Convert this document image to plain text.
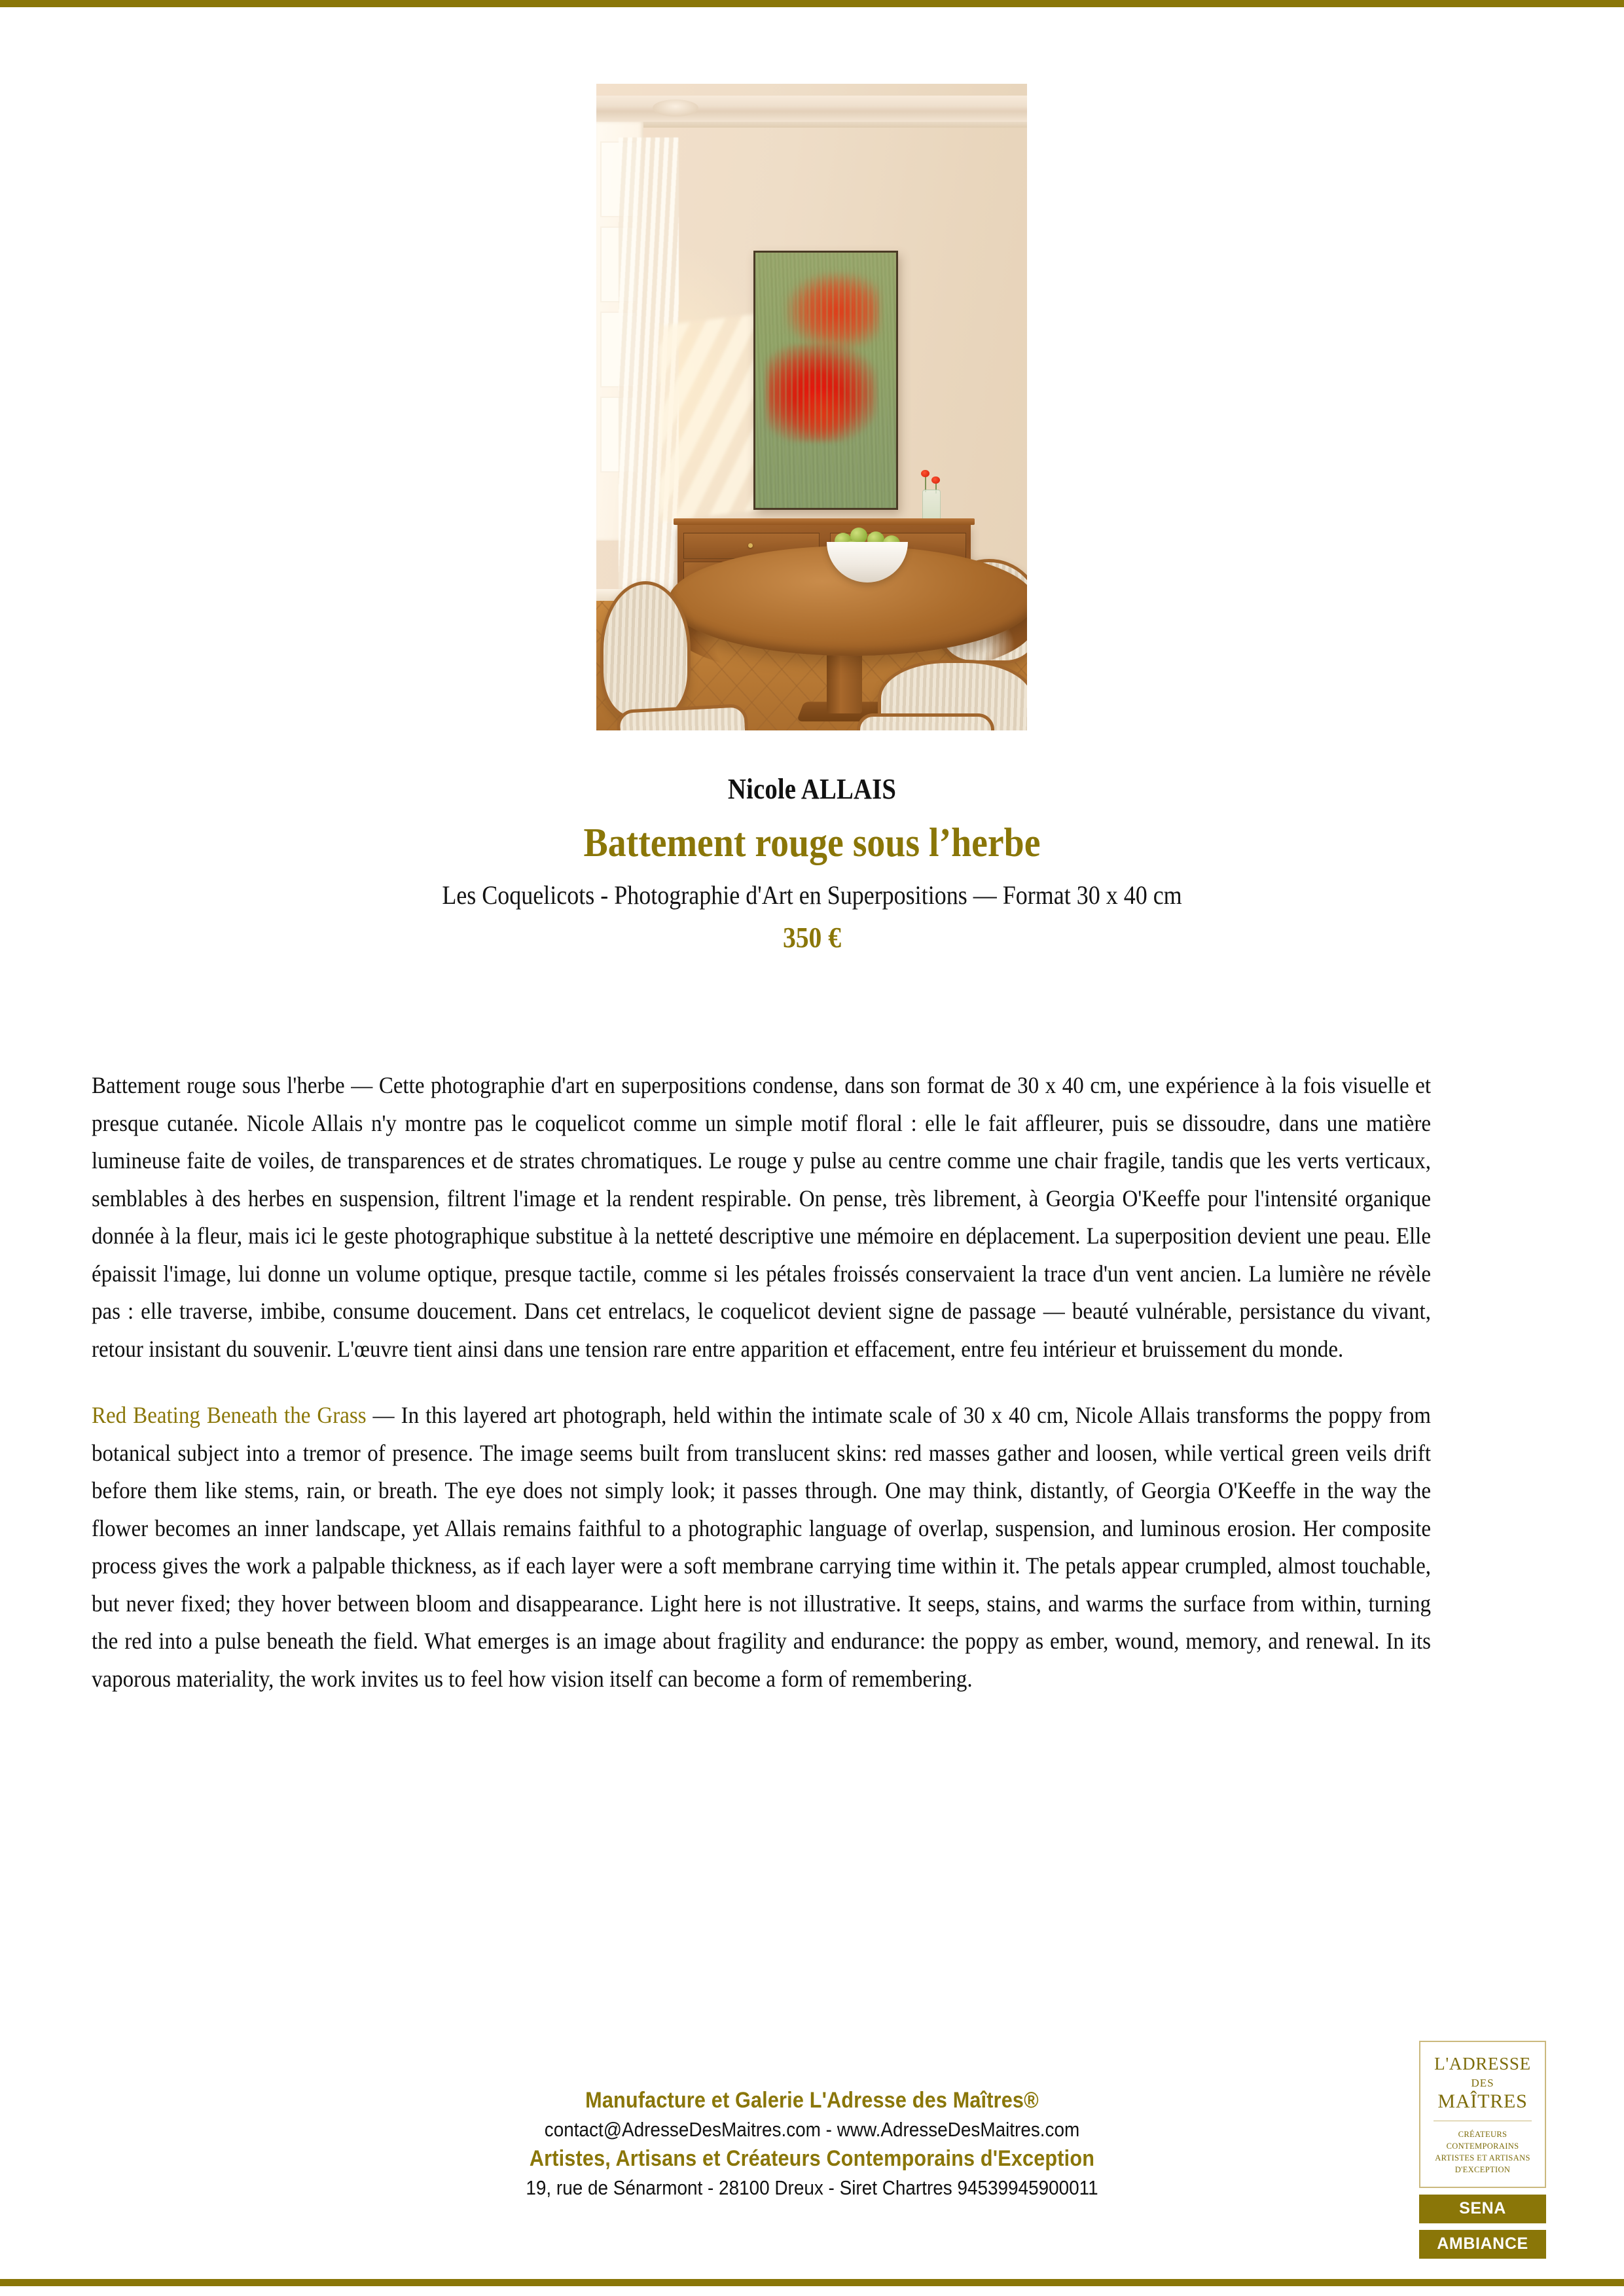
Nicole ALLAIS
Battement rouge sous l’herbe
Les Coquelicots - Photographie d'Art en Superpositions — Format 30 x 40 cm
350 €

Battement rouge sous l'herbe — Cette photographie d'art en superpositions condense, dans son format de 30 x 40 cm, une expérience à la fois visuelle et presque cutanée. Nicole Allais n'y montre pas le coquelicot comme un simple motif floral : elle le fait affleurer, puis se dissoudre, dans une matière lumineuse faite de voiles, de transparences et de strates chromatiques. Le rouge y pulse au centre comme une chair fragile, tandis que les verts verticaux, semblables à des herbes en suspension, filtrent l'image et la rendent respirable. On pense, très librement, à Georgia O'Keeffe pour l'intensité organique donnée à la fleur, mais ici le geste photographique substitue à la netteté descriptive une mémoire en déplacement. La superposition devient une peau. Elle épaissit l'image, lui donne un volume optique, presque tactile, comme si les pétales froissés conservaient la trace d'un vent ancien. La lumière ne révèle pas : elle traverse, imbibe, consume doucement. Dans cet entrelacs, le coquelicot devient signe de passage — beauté vulnérable, persistance du vivant, retour insistant du souvenir. L'œuvre tient ainsi dans une tension rare entre apparition et effacement, entre feu intérieur et bruissement du monde.

Red Beating Beneath the Grass — In this layered art photograph, held within the intimate scale of 30 x 40 cm, Nicole Allais transforms the poppy from botanical subject into a tremor of presence. The image seems built from translucent skins: red masses gather and loosen, while vertical green veils drift before them like stems, rain, or breath. The eye does not simply look; it passes through. One may think, distantly, of Georgia O'Keeffe in the way the flower becomes an inner landscape, yet Allais remains faithful to a photographic language of overlap, suspension, and luminous erosion. Her composite process gives the work a palpable thickness, as if each layer were a soft membrane carrying time within it. The petals appear crumpled, almost touchable, but never fixed; they hover between bloom and disappearance. Light here is not illustrative. It seeps, stains, and warms the surface from within, turning the red into a pulse beneath the field. What emerges is an image about fragility and endurance: the poppy as ember, wound, memory, and renewal. In its vaporous materiality, the work invites us to feel how vision itself can become a form of remembering.

Manufacture et Galerie L'Adresse des Maîtres®
contact@AdresseDesMaitres.com - www.AdresseDesMaitres.com
Artistes, Artisans et Créateurs Contemporains d'Exception
19, rue de Sénarmont - 28100 Dreux - Siret Chartres 94539945900011
L'ADRESSE
DES
MAÎTRES
CRÉATEURS CONTEMPORAINS
ARTISTES ET ARTISANS
D'EXCEPTION
SENA
AMBIANCE
